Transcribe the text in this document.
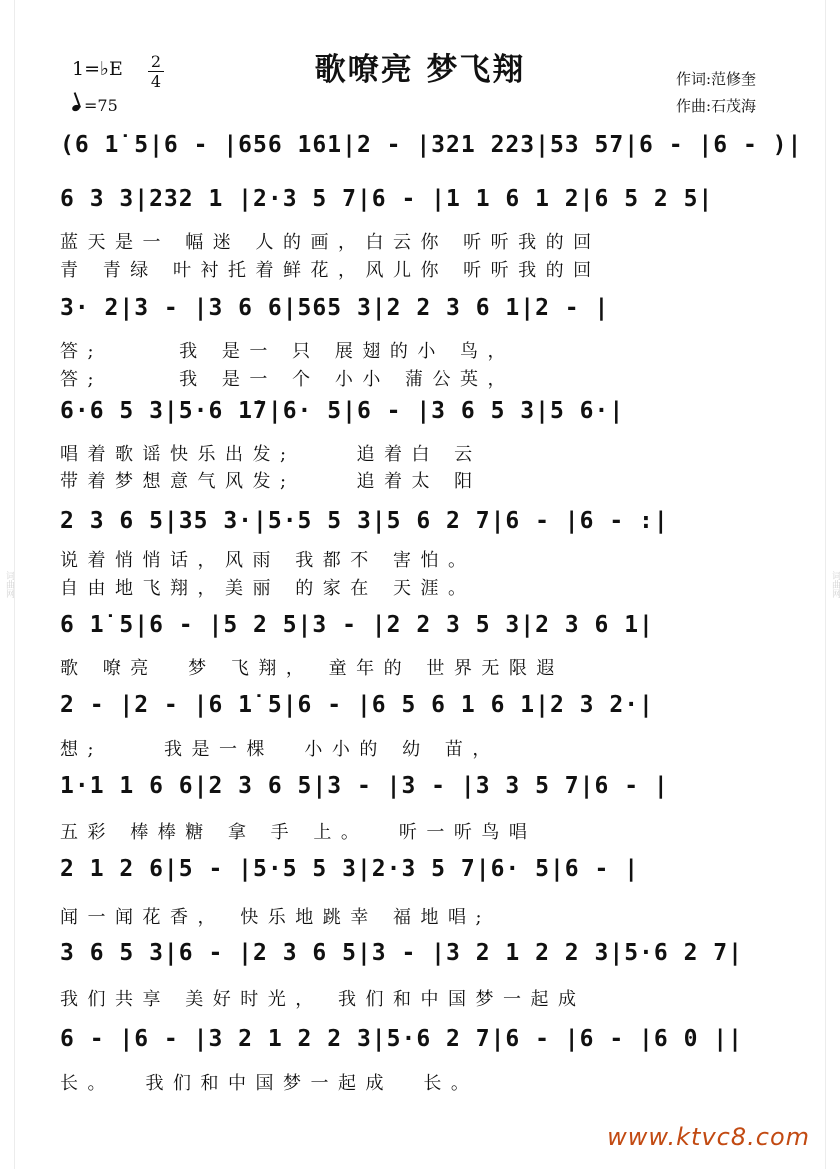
词曲网	词曲网
歌嘹亮 梦飞翔
1=♭E 2
4
=75
作词:范修奎
作曲:石茂海
(6 1̇ 5|6 - |656 161|2 - |321 223|53 57|6 - |6 - )|
6 3 3|232 1 |2·3 5 7|6 - |1 1 6 1 2|6 5 2 5|
蓝天是一 幅迷 人的画，白云你 听听我的回
青 青绿 叶衬托着鲜花，风儿你 听听我的回
3· 2|3 - |3 6 6|565 3|2 2 3 6 1|2 - |
答;     我 是一 只 展翅的小 鸟，
答;     我 是一 个 小小 蒲公英，
6·6 5 3|5·6 1̇7|6· 5|6 - |3 6 5 3|5 6·|
唱着歌谣快乐出发;    追着白 云
带着梦想意气风发;    追着太 阳
2 3 6 5|35 3·|5·5 5 3|5 6 2 7|6 - |6 - :|
说着悄悄话，风雨 我都不 害怕。
自由地飞翔，美丽 的家在 天涯。
6 1̇ 5|6 - |5 2 5|3 - |2 2 3 5 3|2 3 6 1|
歌 嘹亮  梦 飞翔， 童年的 世界无限遐
2 - |2 - |6 1̇ 5|6 - |6 5 6 1 6 1|2 3 2·|
想;    我是一棵  小小的 幼 苗，
1·1 1 6 6|2 3 6 5|3 - |3 - |3 3 5 7|6 - |
五彩 棒棒糖 拿 手 上。  听一听鸟唱
2 1 2 6|5 - |5·5 5 3|2·3 5 7|6· 5|6 - |
闻一闻花香， 快乐地跳幸 福地唱;
3 6 5 3|6 - |2 3 6 5|3 - |3 2 1 2 2 3|5·6 2 7|
我们共享 美好时光， 我们和中国梦一起成
6 - |6 - |3 2 1 2 2 3|5·6 2 7|6 - |6 - |6 0 ||
长。  我们和中国梦一起成  长。
www.ktvc8.com
